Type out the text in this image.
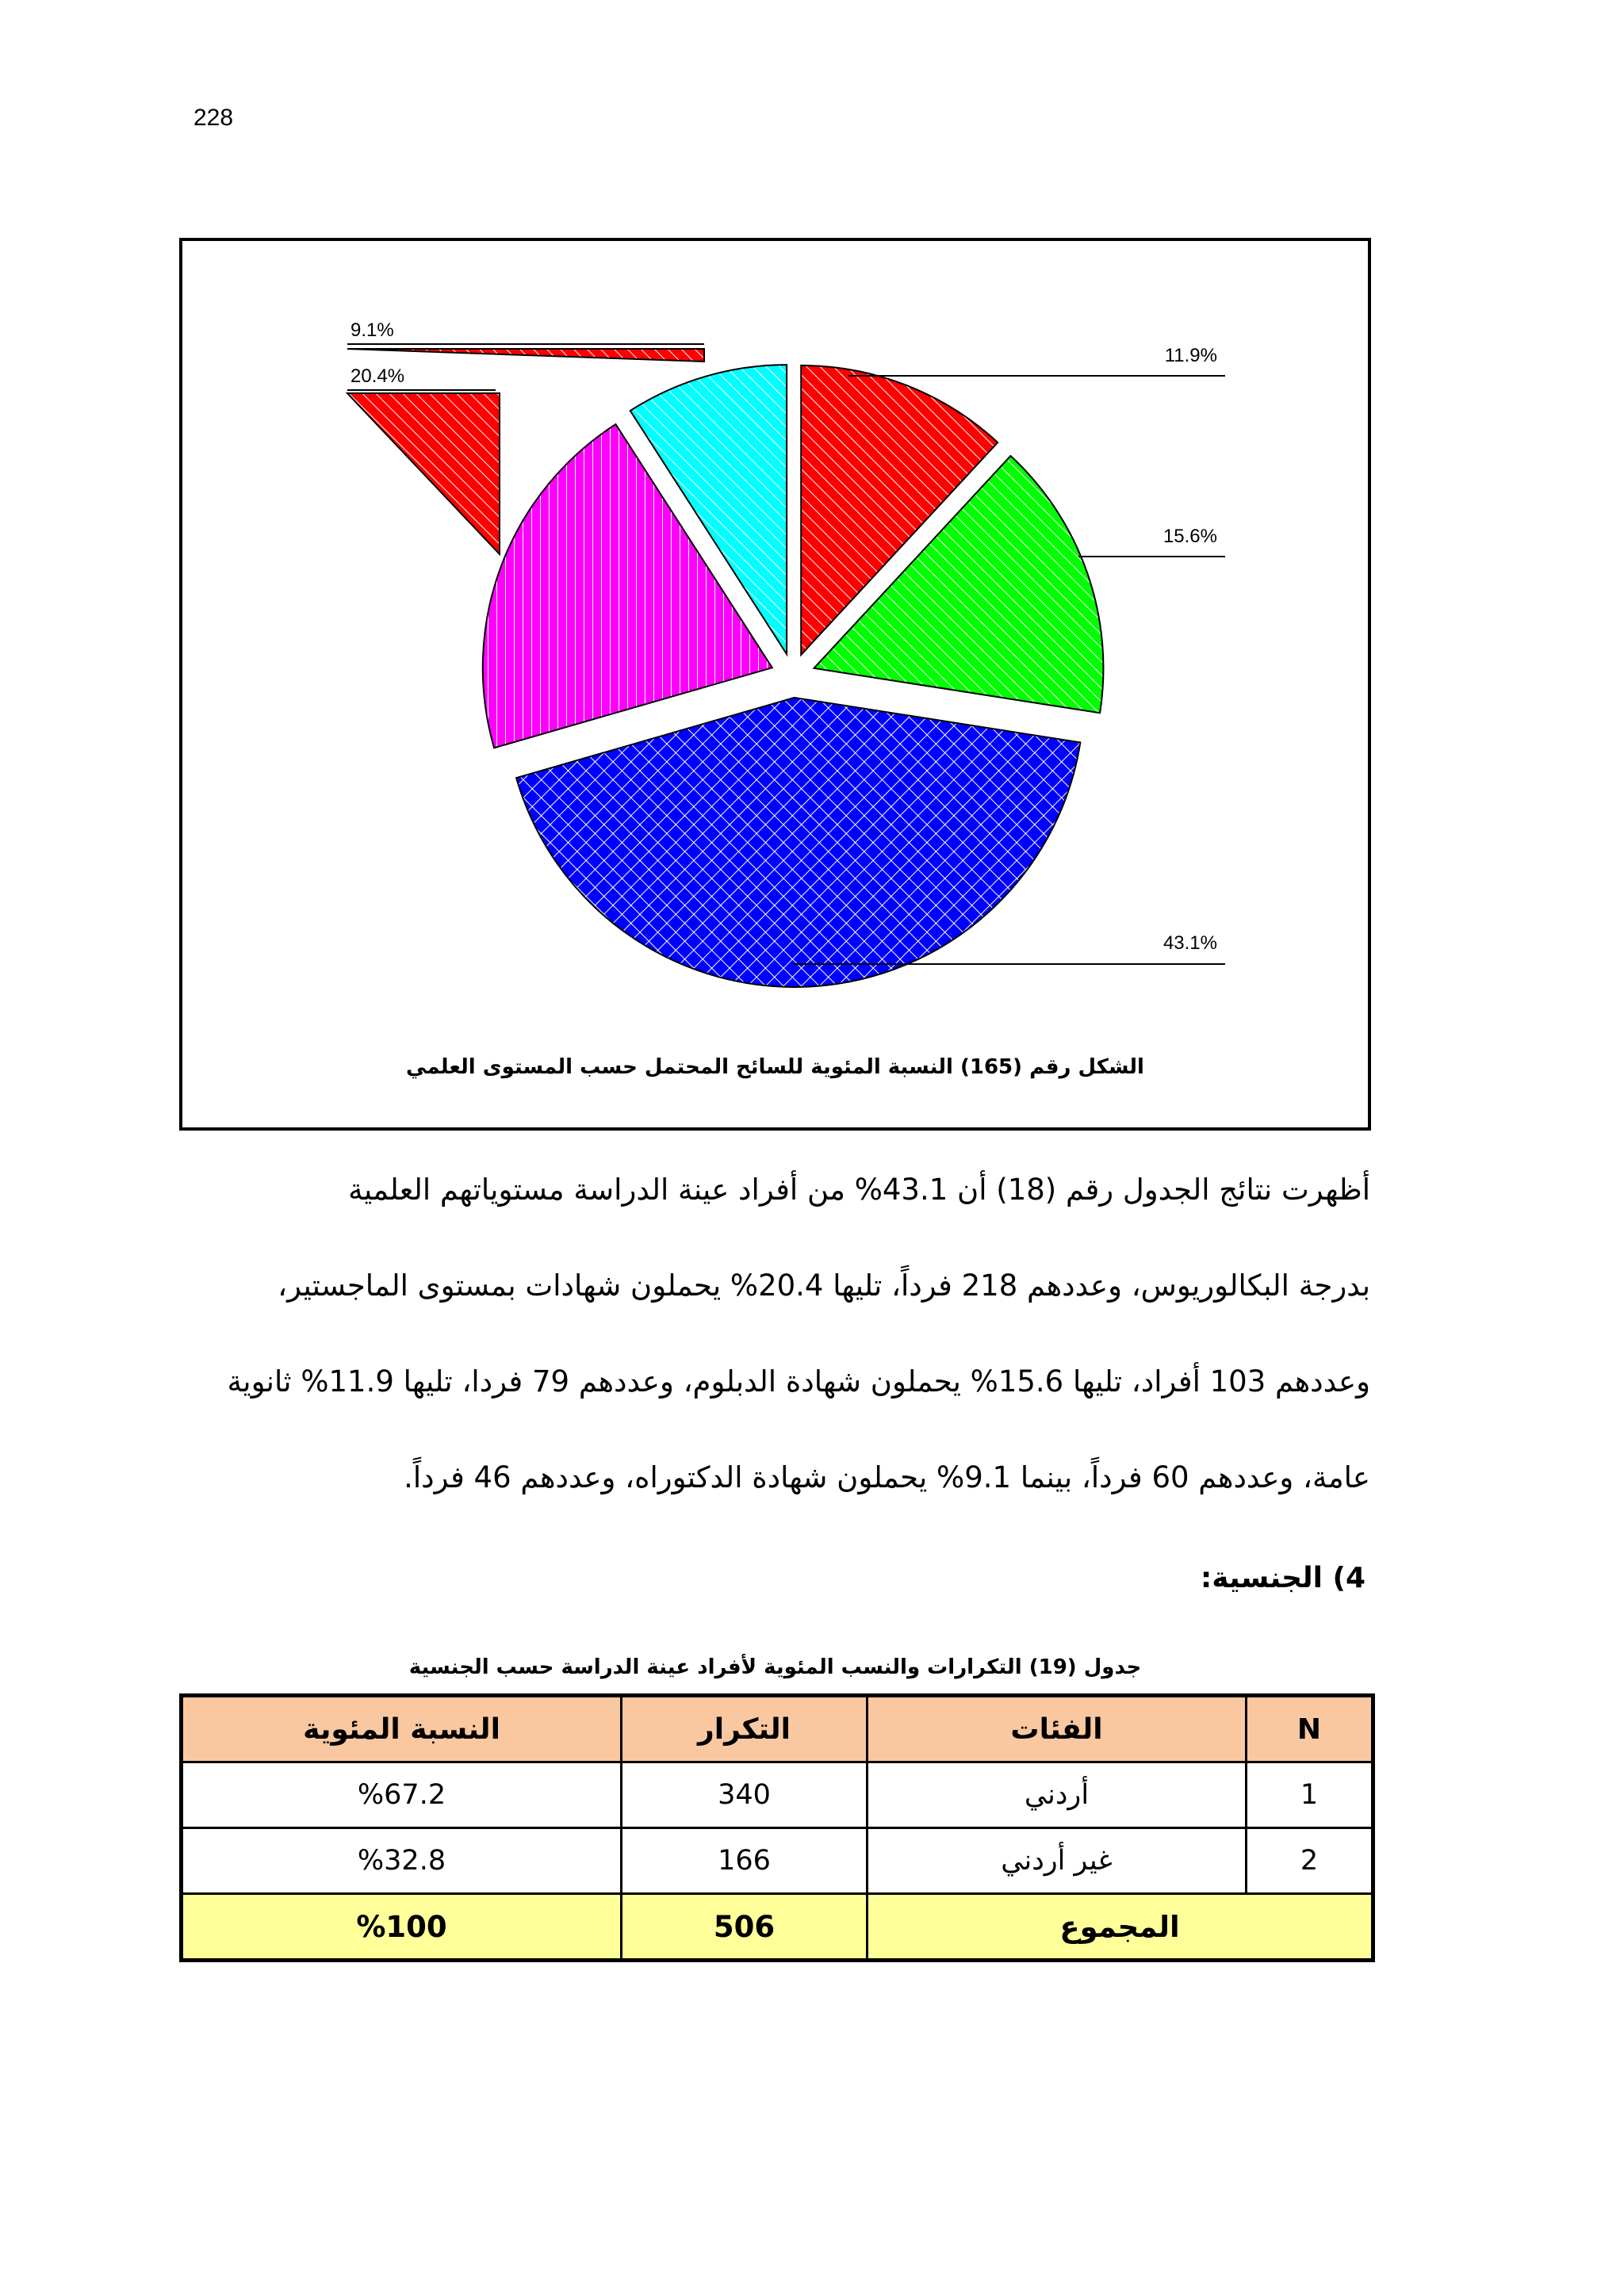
228
11.9%
15.6%
43.1%
20.4%
9.1%
الشكل رقم (165) النسبة المئوية للسائح المحتمل حسب المستوى العلمي
أظهرت نتائج الجدول رقم (18) أن 43.1% من أفراد عينة الدراسة مستوياتهم العلمية
بدرجة البكالوريوس، وعددهم 218 فرداً، تليها 20.4% يحملون شهادات بمستوى الماجستير،
وعددهم 103 أفراد، تليها 15.6% يحملون شهادة الدبلوم، وعددهم 79 فردا، تليها 11.9% ثانوية
عامة، وعددهم 60 فرداً، بينما 9.1% يحملون شهادة الدكتوراه، وعددهم 46 فرداً.
4) الجنسية:
جدول (19) التكرارات والنسب المئوية لأفراد عينة الدراسة حسب الجنسية
N	الفئات	التكرار	النسبة المئوية
1	أردني	340	%67.2
2	غير أردني	166	%32.8
المجموع		506	%100
